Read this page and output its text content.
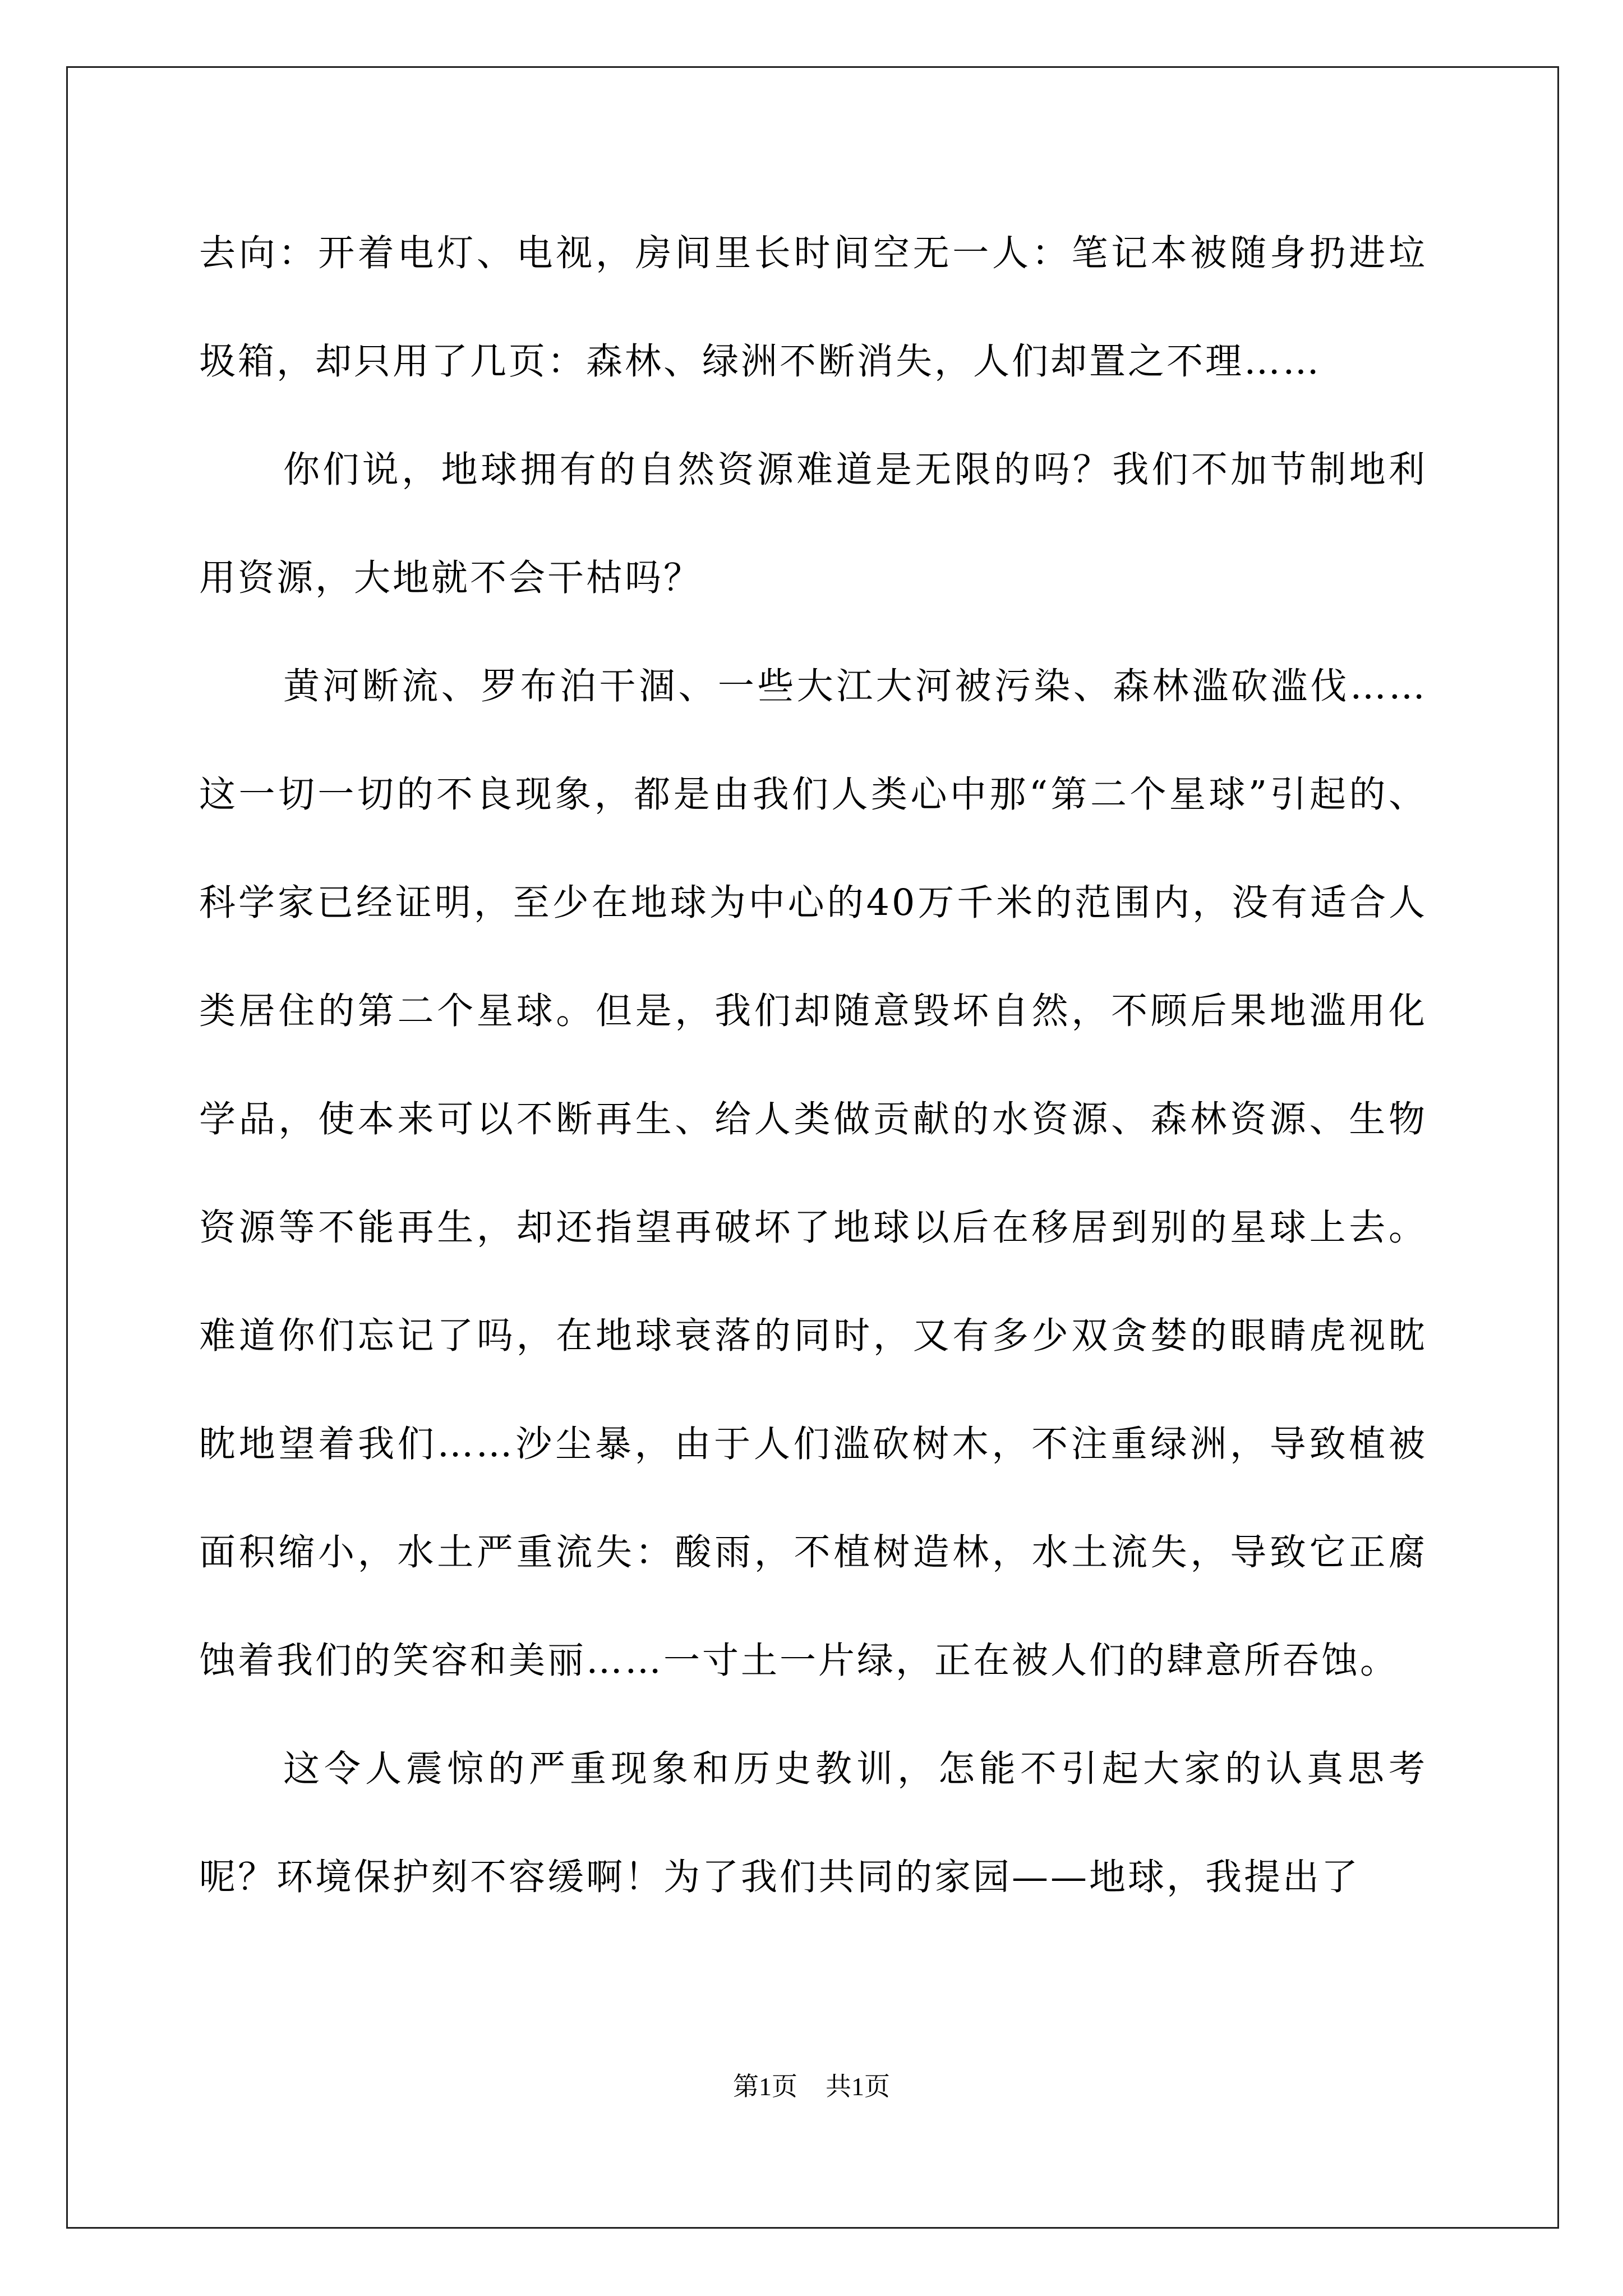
去向：开着电灯、电视，房间里长时间空无一人：笔记本被随身扔进垃圾箱，却只用了几页：森林、绿洲不断消失，人们却置之不理……

你们说，地球拥有的自然资源难道是无限的吗？我们不加节制地利用资源，大地就不会干枯吗？

黄河断流、罗布泊干涸、一些大江大河被污染、森林滥砍滥伐……这一切一切的不良现象，都是由我们人类心中那“第二个星球”引起的、科学家已经证明，至少在地球为中心的40万千米的范围内，没有适合人类居住的第二个星球。但是，我们却随意毁坏自然，不顾后果地滥用化学品，使本来可以不断再生、给人类做贡献的水资源、森林资源、生物资源等不能再生，却还指望再破坏了地球以后在移居到别的星球上去。难道你们忘记了吗，在地球衰落的同时，又有多少双贪婪的眼睛虎视眈眈地望着我们……沙尘暴，由于人们滥砍树木，不注重绿洲，导致植被面积缩小，水土严重流失：酸雨，不植树造林，水土流失，导致它正腐蚀着我们的笑容和美丽……一寸土一片绿，正在被人们的肆意所吞蚀。

这令人震惊的严重现象和历史教训，怎能不引起大家的认真思考呢？环境保护刻不容缓啊！为了我们共同的家园——地球，我提出了

第1页 共1页
